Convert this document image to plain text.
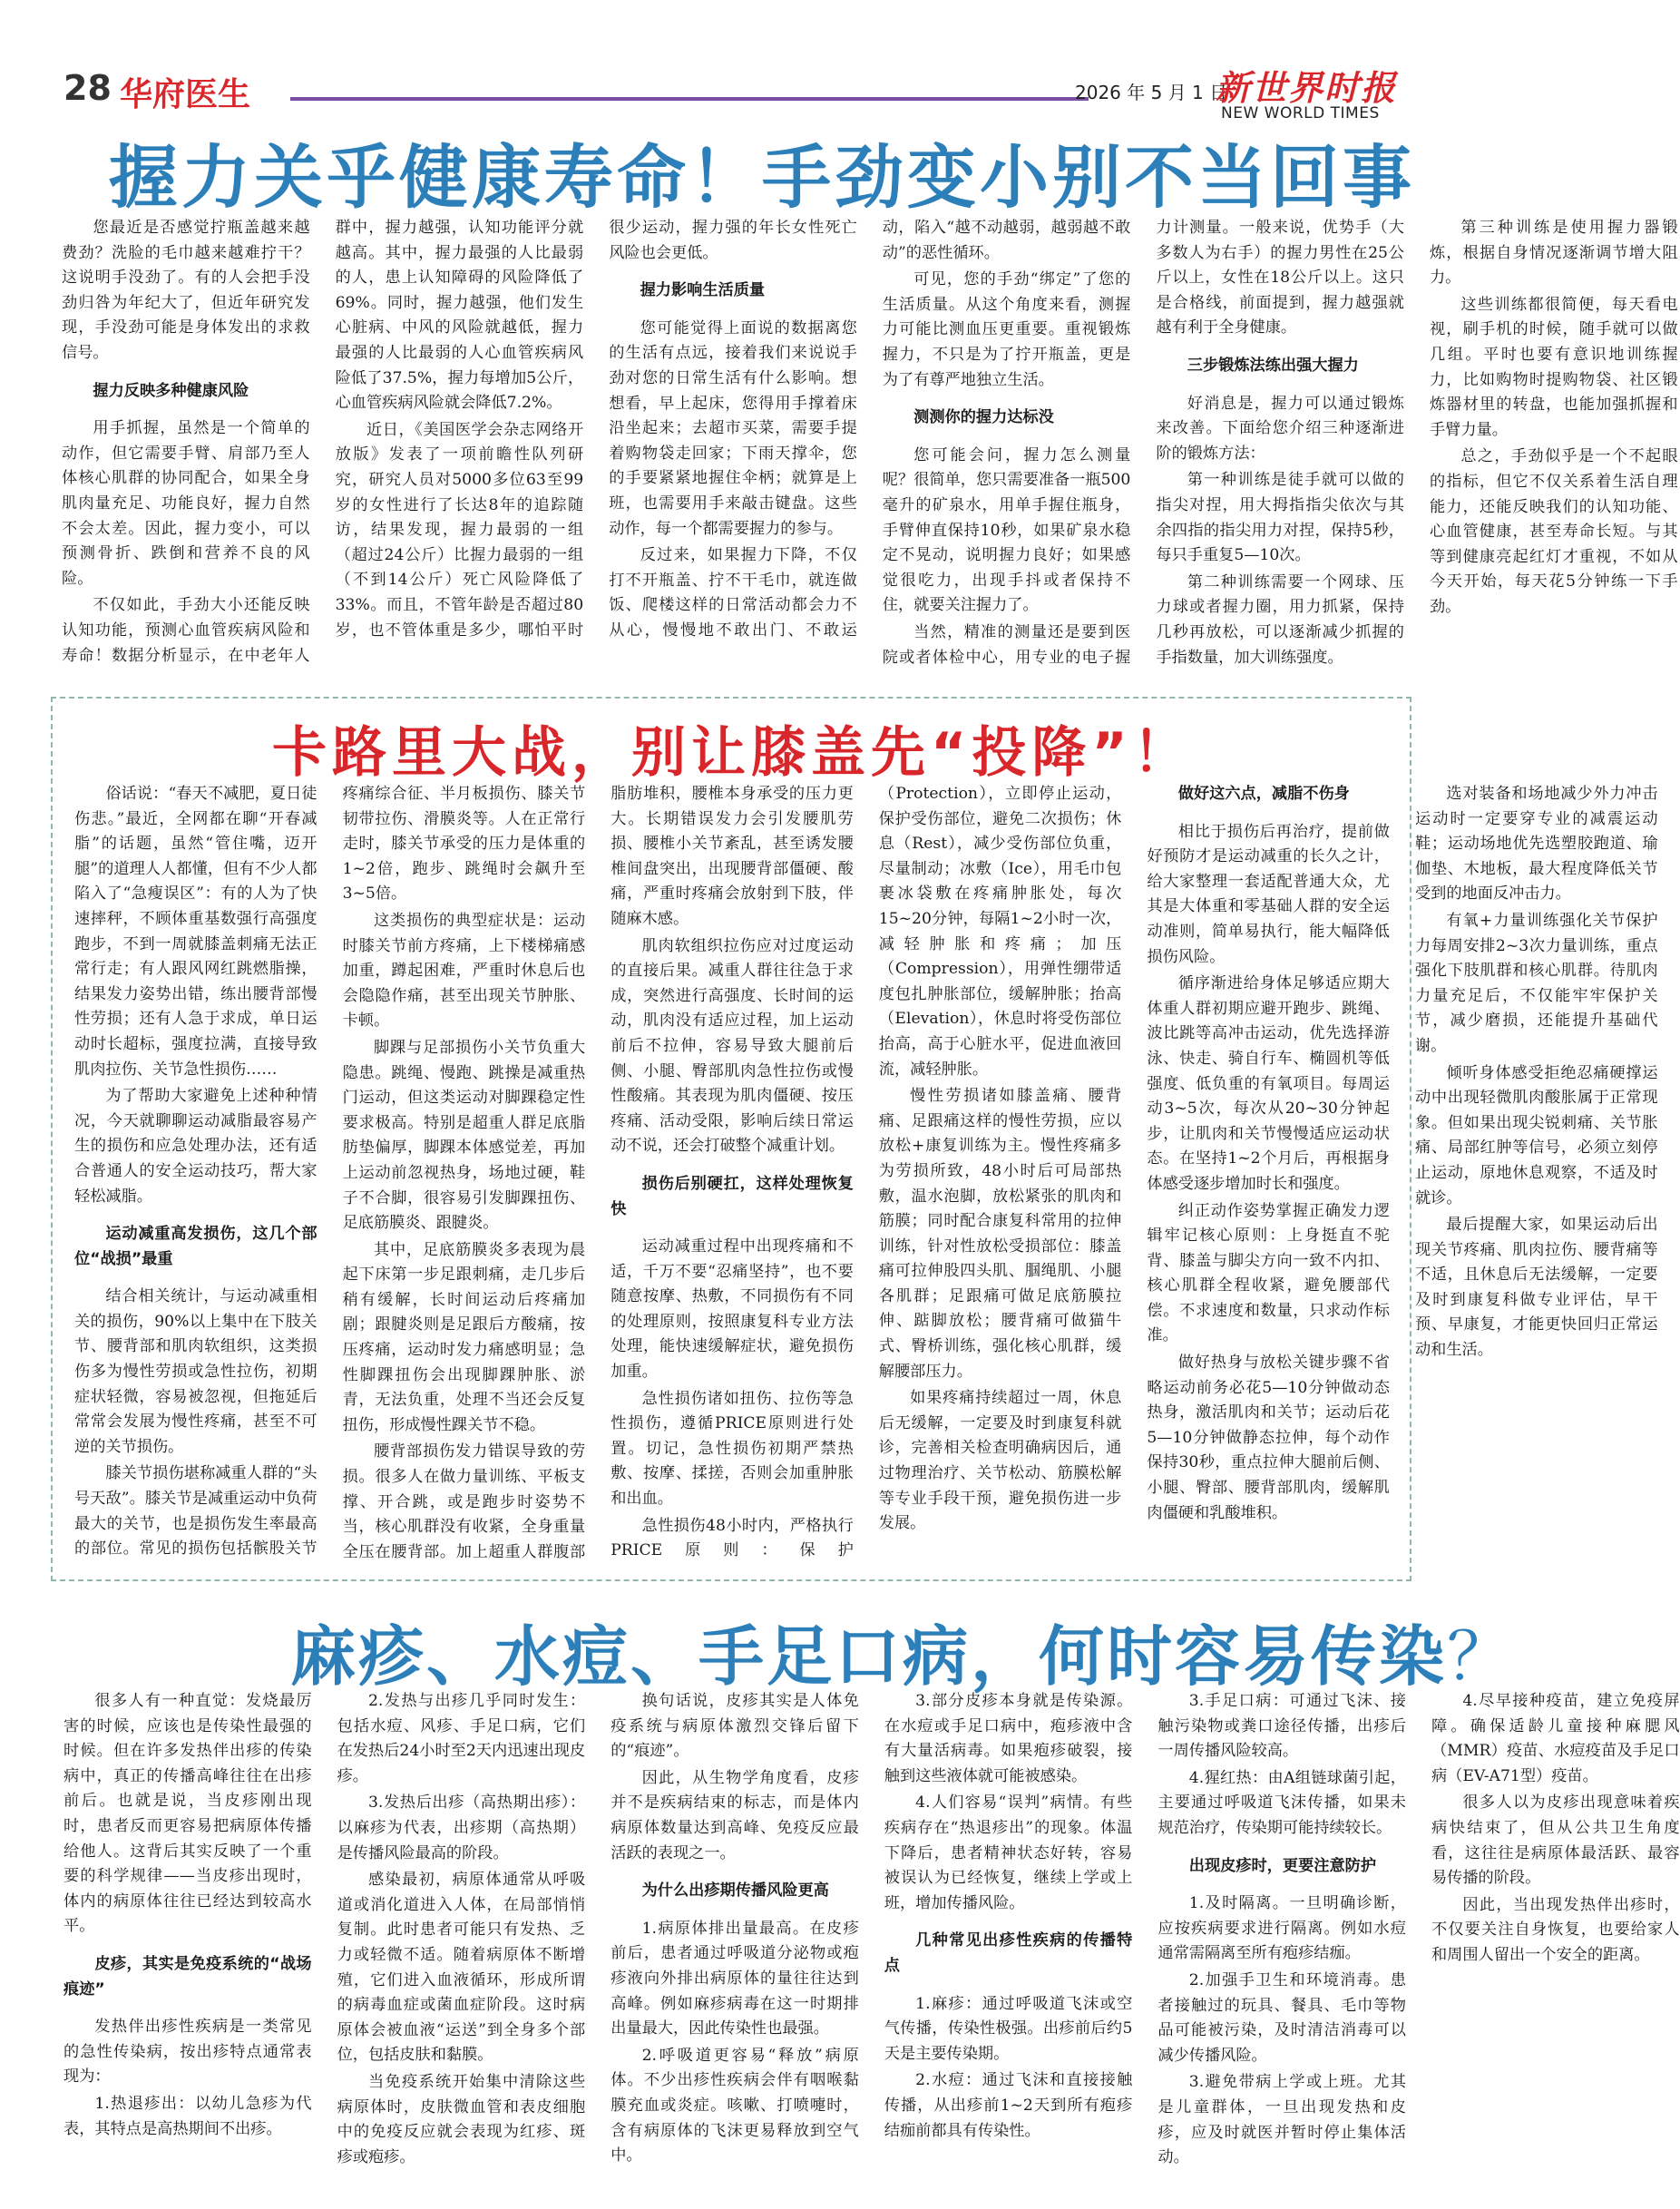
28 华府医生	2026 年 5 月 1 日
新世界时报
NEW WORLD TIMES
握力关乎健康寿命！手劲变小别不当回事

您最近是否感觉拧瓶盖越来越费劲？洗脸的毛巾越来越难拧干？这说明手没劲了。有的人会把手没劲归咎为年纪大了，但近年研究发现，手没劲可能是身体发出的求救信号。

握力反映多种健康风险

用手抓握，虽然是一个简单的动作，但它需要手臂、肩部乃至人体核心肌群的协同配合，如果全身肌肉量充足、功能良好，握力自然不会太差。因此，握力变小，可以预测骨折、跌倒和营养不良的风险。

不仅如此，手劲大小还能反映认知功能，预测心血管疾病风险和寿命！数据分析显示，在中老年人群中，握力越强，认知功能评分就越高。其中，握力最强的人比最弱的人，患上认知障碍的风险降低了69%。同时，握力越强，他们发生心脏病、中风的风险就越低，握力最强的人比最弱的人心血管疾病风险低了37.5%，握力每增加5公斤，心血管疾病风险就会降低7.2%。

近日，《美国医学会杂志网络开放版》发表了一项前瞻性队列研究，研究人员对5000多位63至99岁的女性进行了长达8年的追踪随访，结果发现，握力最弱的一组（超过24公斤）比握力最弱的一组（不到14公斤）死亡风险降低了33%。而且，不管年龄是否超过80岁，也不管体重是多少，哪怕平时很少运动，握力强的年长女性死亡风险也会更低。

握力影响生活质量

您可能觉得上面说的数据离您的生活有点远，接着我们来说说手劲对您的日常生活有什么影响。想想看，早上起床，您得用手撑着床沿坐起来；去超市买菜，需要手提着购物袋走回家；下雨天撑伞，您的手要紧紧地握住伞柄；就算是上班，也需要用手来敲击键盘。这些动作，每一个都需要握力的参与。

反过来，如果握力下降，不仅打不开瓶盖、拧不干毛巾，就连做饭、爬楼这样的日常活动都会力不从心，慢慢地不敢出门、不敢运动，陷入“越不动越弱，越弱越不敢动”的恶性循环。

可见，您的手劲“绑定”了您的生活质量。从这个角度来看，测握力可能比测血压更重要。重视锻炼握力，不只是为了拧开瓶盖，更是为了有尊严地独立生活。

测测你的握力达标没

您可能会问，握力怎么测量呢？很简单，您只需要准备一瓶500毫升的矿泉水，用单手握住瓶身，手臂伸直保持10秒，如果矿泉水稳定不晃动，说明握力良好；如果感觉很吃力，出现手抖或者保持不住，就要关注握力了。

当然，精准的测量还是要到医院或者体检中心，用专业的电子握力计测量。一般来说，优势手（大多数人为右手）的握力男性在25公斤以上，女性在18公斤以上。这只是合格线，前面提到，握力越强就越有利于全身健康。

三步锻炼法练出强大握力

好消息是，握力可以通过锻炼来改善。下面给您介绍三种逐渐进阶的锻炼方法：

第一种训练是徒手就可以做的指尖对捏，用大拇指指尖依次与其余四指的指尖用力对捏，保持5秒，每只手重复5—10次。

第二种训练需要一个网球、压力球或者握力圈，用力抓紧，保持几秒再放松，可以逐渐减少抓握的手指数量，加大训练强度。

第三种训练是使用握力器锻炼，根据自身情况逐渐调节增大阻力。

这些训练都很简便，每天看电视，刷手机的时候，随手就可以做几组。平时也要有意识地训练握力，比如购物时提购物袋、社区锻炼器材里的转盘，也能加强抓握和手臂力量。

总之，手劲似乎是一个不起眼的指标，但它不仅关系着生活自理能力，还能反映我们的认知功能、心血管健康，甚至寿命长短。与其等到健康亮起红灯才重视，不如从今天开始，每天花5分钟练一下手劲。

卡路里大战，别让膝盖先“投降”！

俗话说：“春天不减肥，夏日徒伤悲。”最近，全网都在聊“开春减脂”的话题，虽然“管住嘴，迈开腿”的道理人人都懂，但有不少人都陷入了“急瘦误区”：有的人为了快速摔秤，不顾体重基数强行高强度跑步，不到一周就膝盖刺痛无法正常行走；有人跟风网红跳燃脂操，结果发力姿势出错，练出腰背部慢性劳损；还有人急于求成，单日运动时长超标，强度拉满，直接导致肌肉拉伤、关节急性损伤……

为了帮助大家避免上述种种情况，今天就聊聊运动减脂最容易产生的损伤和应急处理办法，还有适合普通人的安全运动技巧，帮大家轻松减脂。

运动减重高发损伤，这几个部位“战损”最重

结合相关统计，与运动减重相关的损伤，90%以上集中在下肢关节、腰背部和肌肉软组织，这类损伤多为慢性劳损或急性拉伤，初期症状轻微，容易被忽视，但拖延后常常会发展为慢性疼痛，甚至不可逆的关节损伤。

膝关节损伤堪称减重人群的“头号天敌”。膝关节是减重运动中负荷最大的关节，也是损伤发生率最高的部位。常见的损伤包括髌股关节疼痛综合征、半月板损伤、膝关节韧带拉伤、滑膜炎等。人在正常行走时，膝关节承受的压力是体重的1~2倍，跑步、跳绳时会飙升至3~5倍。

这类损伤的典型症状是：运动时膝关节前方疼痛，上下楼梯痛感加重，蹲起困难，严重时休息后也会隐隐作痛，甚至出现关节肿胀、卡顿。

脚踝与足部损伤小关节负重大隐患。跳绳、慢跑、跳操是减重热门运动，但这类运动对脚踝稳定性要求极高。特别是超重人群足底脂肪垫偏厚，脚踝本体感觉差，再加上运动前忽视热身，场地过硬，鞋子不合脚，很容易引发脚踝扭伤、足底筋膜炎、跟腱炎。

其中，足底筋膜炎多表现为晨起下床第一步足跟刺痛，走几步后稍有缓解，长时间运动后疼痛加剧；跟腱炎则是足跟后方酸痛，按压疼痛，运动时发力痛感明显；急性脚踝扭伤会出现脚踝肿胀、淤青，无法负重，处理不当还会反复扭伤，形成慢性踝关节不稳。

腰背部损伤发力错误导致的劳损。很多人在做力量训练、平板支撑、开合跳，或是跑步时姿势不当，核心肌群没有收紧，全身重量全压在腰背部。加上超重人群腹部脂肪堆积，腰椎本身承受的压力更大。长期错误发力会引发腰肌劳损、腰椎小关节紊乱，甚至诱发腰椎间盘突出，出现腰背部僵硬、酸痛，严重时疼痛会放射到下肢，伴随麻木感。

肌肉软组织拉伤应对过度运动的直接后果。减重人群往往急于求成，突然进行高强度、长时间的运动，肌肉没有适应过程，加上运动前后不拉伸，容易导致大腿前后侧、小腿、臀部肌肉急性拉伤或慢性酸痛。其表现为肌肉僵硬、按压疼痛、活动受限，影响后续日常运动不说，还会打破整个减重计划。

损伤后别硬扛，这样处理恢复快

运动减重过程中出现疼痛和不适，千万不要“忍痛坚持”，也不要随意按摩、热敷，不同损伤有不同的处理原则，按照康复科专业方法处理，能快速缓解症状，避免损伤加重。

急性损伤诸如扭伤、拉伤等急性损伤，遵循PRICE原则进行处置。切记，急性损伤初期严禁热敷、按摩、揉搓，否则会加重肿胀和出血。

急性损伤48小时内，严格执行PRICE原则：保护（Protection），立即停止运动，保护受伤部位，避免二次损伤；休息（Rest），减少受伤部位负重，尽量制动；冰敷（Ice），用毛巾包裹冰袋敷在疼痛肿胀处，每次15~20分钟，每隔1~2小时一次，减轻肿胀和疼痛；加压（Compression），用弹性绷带适度包扎肿胀部位，缓解肿胀；抬高（Elevation），休息时将受伤部位抬高，高于心脏水平，促进血液回流，减轻肿胀。

慢性劳损诸如膝盖痛、腰背痛、足跟痛这样的慢性劳损，应以放松+康复训练为主。慢性疼痛多为劳损所致，48小时后可局部热敷，温水泡脚，放松紧张的肌肉和筋膜；同时配合康复科常用的拉伸训练，针对性放松受损部位：膝盖痛可拉伸股四头肌、腘绳肌、小腿各肌群；足跟痛可做足底筋膜拉伸、踮脚放松；腰背痛可做猫牛式、臀桥训练，强化核心肌群，缓解腰部压力。

如果疼痛持续超过一周，休息后无缓解，一定要及时到康复科就诊，完善相关检查明确病因后，通过物理治疗、关节松动、筋膜松解等专业手段干预，避免损伤进一步发展。

做好这六点，减脂不伤身

相比于损伤后再治疗，提前做好预防才是运动减重的长久之计，给大家整理一套适配普通大众，尤其是大体重和零基础人群的安全运动准则，简单易执行，能大幅降低损伤风险。

循序渐进给身体足够适应期大体重人群初期应避开跑步、跳绳、波比跳等高冲击运动，优先选择游泳、快走、骑自行车、椭圆机等低强度、低负重的有氧项目。每周运动3~5次，每次从20~30分钟起步，让肌肉和关节慢慢适应运动状态。在坚持1~2个月后，再根据身体感受逐步增加时长和强度。

纠正动作姿势掌握正确发力逻辑牢记核心原则：上身挺直不驼背、膝盖与脚尖方向一致不内扣、核心肌群全程收紧，避免腰部代偿。不求速度和数量，只求动作标准。

做好热身与放松关键步骤不省略运动前务必花5—10分钟做动态热身，激活肌肉和关节；运动后花5—10分钟做静态拉伸，每个动作保持30秒，重点拉伸大腿前后侧、小腿、臀部、腰背部肌肉，缓解肌肉僵硬和乳酸堆积。

选对装备和场地减少外力冲击运动时一定要穿专业的减震运动鞋；运动场地优先选塑胶跑道、瑜伽垫、木地板，最大程度降低关节受到的地面反冲击力。

有氧+力量训练强化关节保护力每周安排2~3次力量训练，重点强化下肢肌群和核心肌群。待肌肉力量充足后，不仅能牢牢保护关节，减少磨损，还能提升基础代谢。

倾听身体感受拒绝忍痛硬撑运动中出现轻微肌肉酸胀属于正常现象。但如果出现尖锐刺痛、关节胀痛、局部红肿等信号，必须立刻停止运动，原地休息观察，不适及时就诊。

最后提醒大家，如果运动后出现关节疼痛、肌肉拉伤、腰背痛等不适，且休息后无法缓解，一定要及时到康复科做专业评估，早干预、早康复，才能更快回归正常运动和生活。

麻疹、水痘、手足口病，何时容易传染？

很多人有一种直觉：发烧最厉害的时候，应该也是传染性最强的时候。但在许多发热伴出疹的传染病中，真正的传播高峰往往在出疹前后。也就是说，当皮疹刚出现时，患者反而更容易把病原体传播给他人。这背后其实反映了一个重要的科学规律——当皮疹出现时，体内的病原体往往已经达到较高水平。

皮疹，其实是免疫系统的“战场痕迹”

发热伴出疹性疾病是一类常见的急性传染病，按出疹特点通常表现为：

1.热退疹出：以幼儿急疹为代表，其特点是高热期间不出疹。

2.发热与出疹几乎同时发生：包括水痘、风疹、手足口病，它们在发热后24小时至2天内迅速出现皮疹。

3.发热后出疹（高热期出疹）：以麻疹为代表，出疹期（高热期）是传播风险最高的阶段。

感染最初，病原体通常从呼吸道或消化道进入人体，在局部悄悄复制。此时患者可能只有发热、乏力或轻微不适。随着病原体不断增殖，它们进入血液循环，形成所谓的病毒血症或菌血症阶段。这时病原体会被血液“运送”到全身多个部位，包括皮肤和黏膜。

当免疫系统开始集中清除这些病原体时，皮肤微血管和表皮细胞中的免疫反应就会表现为红疹、斑疹或疱疹。

换句话说，皮疹其实是人体免疫系统与病原体激烈交锋后留下的“痕迹”。

因此，从生物学角度看，皮疹并不是疾病结束的标志，而是体内病原体数量达到高峰、免疫反应最活跃的表现之一。

为什么出疹期传播风险更高

1.病原体排出量最高。在皮疹前后，患者通过呼吸道分泌物或疱疹液向外排出病原体的量往往达到高峰。例如麻疹病毒在这一时期排出量最大，因此传染性也最强。

2.呼吸道更容易“释放”病原体。不少出疹性疾病会伴有咽喉黏膜充血或炎症。咳嗽、打喷嚏时，含有病原体的飞沫更易释放到空气中。

3.部分皮疹本身就是传染源。在水痘或手足口病中，疱疹液中含有大量活病毒。如果疱疹破裂，接触到这些液体就可能被感染。

4.人们容易“误判”病情。有些疾病存在“热退疹出”的现象。体温下降后，患者精神状态好转，容易被误认为已经恢复，继续上学或上班，增加传播风险。

几种常见出疹性疾病的传播特点

1.麻疹：通过呼吸道飞沫或空气传播，传染性极强。出疹前后约5天是主要传染期。

2.水痘：通过飞沫和直接接触传播，从出疹前1~2天到所有疱疹结痂前都具有传染性。

3.手足口病：可通过飞沫、接触污染物或粪口途径传播，出疹后一周传播风险较高。

4.猩红热：由A组链球菌引起，主要通过呼吸道飞沫传播，如果未规范治疗，传染期可能持续较长。

出现皮疹时，更要注意防护

1.及时隔离。一旦明确诊断，应按疾病要求进行隔离。例如水痘通常需隔离至所有疱疹结痂。

2.加强手卫生和环境消毒。患者接触过的玩具、餐具、毛巾等物品可能被污染，及时清洁消毒可以减少传播风险。

3.避免带病上学或上班。尤其是儿童群体，一旦出现发热和皮疹，应及时就医并暂时停止集体活动。

4.尽早接种疫苗，建立免疫屏障。确保适龄儿童接种麻腮风（MMR）疫苗、水痘疫苗及手足口病（EV-A71型）疫苗。

很多人以为皮疹出现意味着疾病快结束了，但从公共卫生角度看，这往往是病原体最活跃、最容易传播的阶段。

因此，当出现发热伴出疹时，不仅要关注自身恢复，也要给家人和周围人留出一个安全的距离。
